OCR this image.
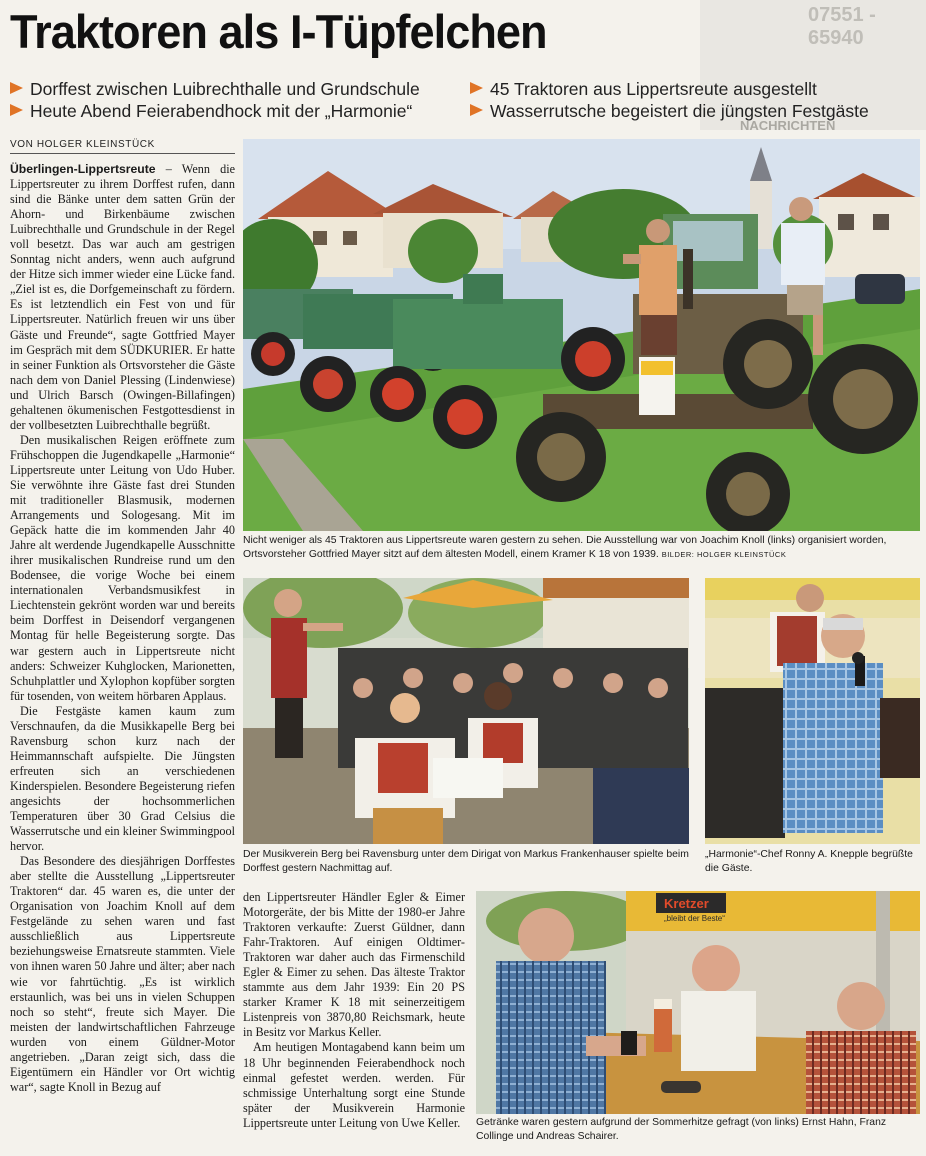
07551 - 65940
NACHRICHTEN
Traktoren als I-Tüpfelchen
Dorffest zwischen Luibrechthalle und Grundschule
Heute Abend Feierabendhock mit der „Harmonie“
45 Traktoren aus Lippertsreute ausgestellt
Wasserrutsche begeistert die jüngsten Festgäste
VON HOLGER KLEINSTÜCK

Überlingen-Lippertsreute – Wenn die Lippertsreuter zu ihrem Dorffest rufen, dann sind die Bänke unter dem satten Grün der Ahorn- und Birkenbäume zwischen Luibrechthalle und Grundschule in der Regel voll besetzt. Das war auch am gestrigen Sonntag nicht anders, wenn auch aufgrund der Hitze sich immer wieder eine Lücke fand. „Ziel ist es, die Dorfgemeinschaft zu fördern. Es ist letztendlich ein Fest von und für Lippertsreuter. Natürlich freuen wir uns über Gäste und Freunde“, sagte Gottfried Mayer im Gespräch mit dem SÜDKURIER. Er hatte in seiner Funktion als Ortsvorsteher die Gäste nach dem von Daniel Plessing (Lindenwiese) und Ulrich Barsch (Owingen-Billafingen) gehaltenen ökumenischen Festgottesdienst in der vollbesetzten Luibrechthalle begrüßt.

Den musikalischen Reigen eröffnete zum Frühschoppen die Jugendkapelle „Harmonie“ Lippertsreute unter Leitung von Udo Huber. Sie verwöhnte ihre Gäste fast drei Stunden mit traditioneller Blasmusik, modernen Arrangements und Sologesang. Mit im Gepäck hatte die im kommenden Jahr 40 Jahre alt werdende Jugendkapelle Ausschnitte ihrer musikalischen Rundreise rund um den Bodensee, die vorige Woche bei einem internationalen Verbandsmusikfest in Liechtenstein gekrönt worden war und bereits beim Dorffest in Deisendorf vergangenen Montag für helle Begeisterung sorgte. Das war gestern auch in Lippertsreute nicht anders: Schweizer Kuhglocken, Marionetten, Schuhplattler und Xylophon kopfüber sorgten für tosenden, von weitem hörbaren Applaus.

Die Festgäste kamen kaum zum Verschnaufen, da die Musikkapelle Berg bei Ravensburg schon kurz nach der Heimmannschaft aufspielte. Die Jüngsten erfreuten sich an verschiedenen Kinderspielen. Besondere Begeisterung riefen angesichts der hochsommerlichen Temperaturen über 30 Grad Celsius die Wasserrutsche und ein kleiner Swimmingpool hervor.

Das Besondere des diesjährigen Dorffestes aber stellte die Ausstellung „Lippertsreuter Traktoren“ dar. 45 waren es, die unter der Organisation von Joachim Knoll auf dem Festgelände zu sehen waren und fast ausschließlich aus Lippertsreute beziehungsweise Ernatsreute stammten. Viele von ihnen waren 50 Jahre und älter; aber nach wie vor fahrtüchtig. „Es ist wirklich erstaunlich, was bei uns in vielen Schuppen noch so steht“, freute sich Mayer. Die meisten der landwirtschaftlichen Fahrzeuge wurden von einem Güldner-Motor angetrieben. „Daran zeigt sich, dass die Eigentümern ein Händler vor Ort wichtig war“, sagte Knoll in Bezug auf

Nicht weniger als 45 Traktoren aus Lippertsreute waren gestern zu sehen. Die Ausstellung war von Joachim Knoll (links) organisiert worden, Ortsvorsteher Gottfried Mayer sitzt auf dem ältesten Modell, einem Kramer K 18 von 1939. BILDER: HOLGER KLEINSTÜCK
Der Musikverein Berg bei Ravensburg unter dem Dirigat von Markus Frankenhauser spielte beim Dorffest gestern Nachmittag auf.
„Harmonie“-Chef Ronny A. Knepple begrüßte die Gäste.

den Lippertsreuter Händler Egler & Eimer Motorgeräte, der bis Mitte der 1980-er Jahre Traktoren verkaufte: Zuerst Güldner, dann Fahr-Traktoren. Auf einigen Oldtimer-Traktoren war daher auch das Firmenschild Egler & Eimer zu sehen. Das älteste Traktor stammte aus dem Jahr 1939: Ein 20 PS starker Kramer K 18 mit seinerzeitigem Listenpreis von 3870,80 Reichsmark, heute in Besitz vor Markus Keller.

Am heutigen Montagabend kann beim um 18 Uhr beginnenden Feierabendhock noch einmal gefestet werden. werden. Für schmissige Unterhaltung sorgt eine Stunde später der Musikverein Harmonie Lippertsreute unter Leitung von Uwe Keller.

Kretzer
„bleibt der Beste“
Getränke waren gestern aufgrund der Sommerhitze gefragt (von links) Ernst Hahn, Franz Collinge und Andreas Schairer.
